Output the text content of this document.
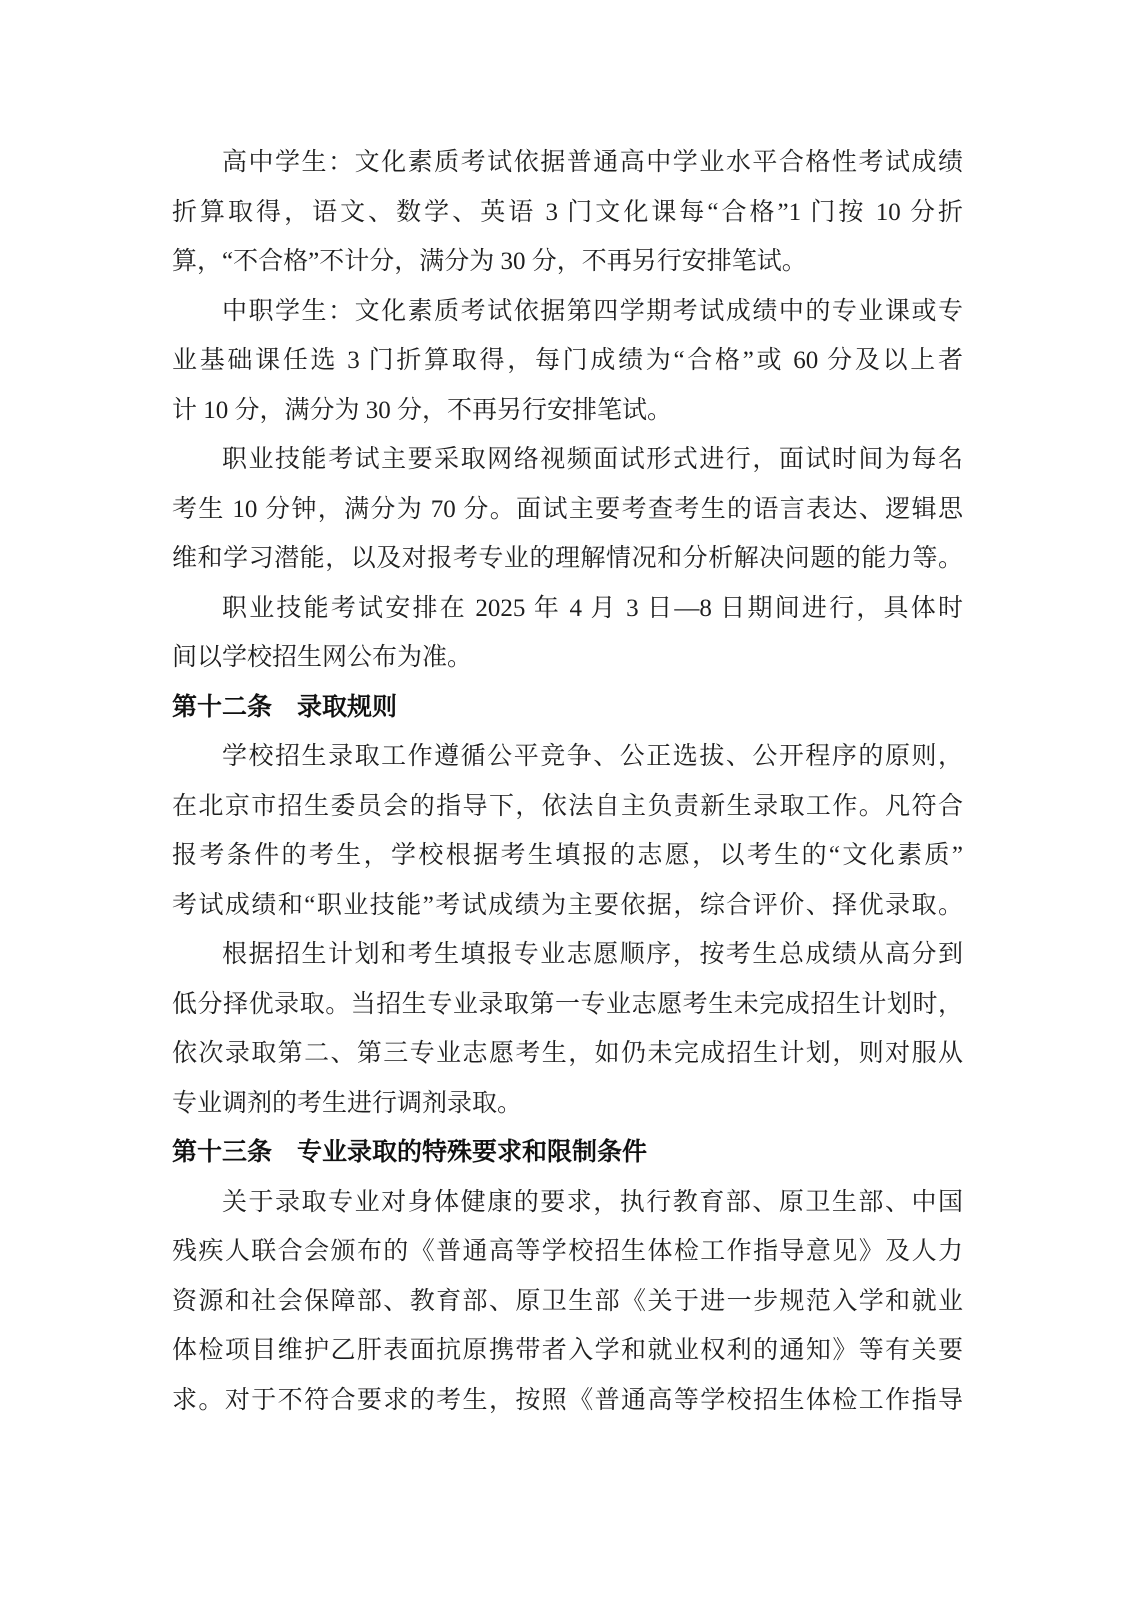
高中学生：文化素质考试依据普通高中学业水平合格性考试成绩
折算取得，语文、数学、英语 3 门文化课每“合格”1 门按 10 分折
算，“不合格”不计分，满分为 30 分，不再另行安排笔试。
中职学生：文化素质考试依据第四学期考试成绩中的专业课或专
业基础课任选 3 门折算取得，每门成绩为“合格”或 60 分及以上者
计 10 分，满分为 30 分，不再另行安排笔试。
职业技能考试主要采取网络视频面试形式进行，面试时间为每名
考生 10 分钟，满分为 70 分。面试主要考查考生的语言表达、逻辑思
维和学习潜能，以及对报考专业的理解情况和分析解决问题的能力等。
职业技能考试安排在 2025 年 4 月 3 日—8 日期间进行，具体时
间以学校招生网公布为准。
第十二条　录取规则
学校招生录取工作遵循公平竞争、公正选拔、公开程序的原则，
在北京市招生委员会的指导下，依法自主负责新生录取工作。凡符合
报考条件的考生，学校根据考生填报的志愿，以考生的“文化素质”
考试成绩和“职业技能”考试成绩为主要依据，综合评价、择优录取。
根据招生计划和考生填报专业志愿顺序，按考生总成绩从高分到
低分择优录取。当招生专业录取第一专业志愿考生未完成招生计划时，
依次录取第二、第三专业志愿考生，如仍未完成招生计划，则对服从
专业调剂的考生进行调剂录取。
第十三条　专业录取的特殊要求和限制条件
关于录取专业对身体健康的要求，执行教育部、原卫生部、中国
残疾人联合会颁布的《普通高等学校招生体检工作指导意见》及人力
资源和社会保障部、教育部、原卫生部《关于进一步规范入学和就业
体检项目维护乙肝表面抗原携带者入学和就业权利的通知》等有关要
求。对于不符合要求的考生，按照《普通高等学校招生体检工作指导
